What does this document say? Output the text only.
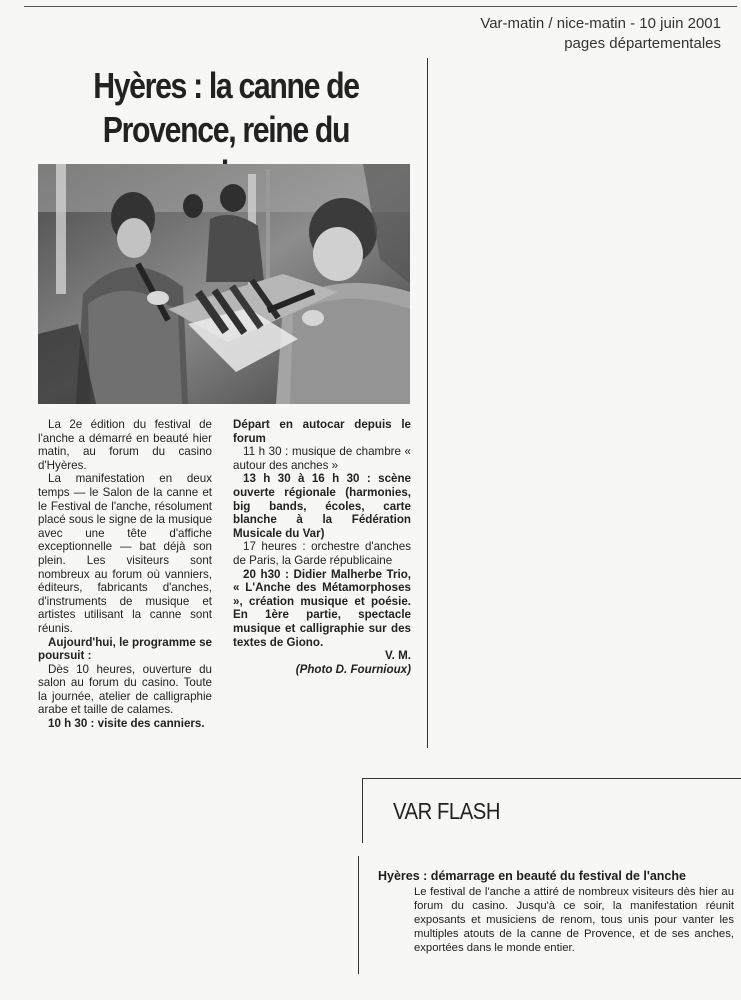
Var-matin / nice-matin - 10 juin 2001
pages départementales
Hyères : la canne de Provence, reine du

La 2e édition du festival de l'anche a démarré en beauté hier matin, au forum du casino d'Hyères.

La manifestation en deux temps — le Salon de la canne et le Festival de l'anche, résolument placé sous le signe de la musique avec une tête d'affiche exceptionnelle — bat déjà son plein. Les visiteurs sont nombreux au forum où vanniers, éditeurs, fabricants d'anches, d'instruments de musique et artistes utilisant la canne sont réunis.

Aujourd'hui, le programme se poursuit :

Dès 10 heures, ouverture du salon au forum du casino. Toute la journée, atelier de calligraphie arabe et taille de calames.

10 h 30 : visite des canniers.

Départ en autocar depuis le forum

11 h 30 : musique de chambre « autour des anches »

13 h 30 à 16 h 30 : scène ouverte régionale (harmonies, big bands, écoles, carte blanche à la Fédération Musicale du Var)

17 heures : orchestre d'anches de Paris, la Garde républicaine

20 h30 : Didier Malherbe Trio, « L'Anche des Métamorphoses », création musique et poésie. En 1ère partie, spectacle musique et calligraphie sur des textes de Giono.

V. M.

(Photo D. Fournioux)

VAR FLASH
Hyères : démarrage en beauté du festival de l'anche
Le festival de l'anche a attiré de nombreux visiteurs dès hier au forum du casino. Jusqu'à ce soir, la manifestation réunit exposants et musiciens de renom, tous unis pour vanter les multiples atouts de la canne de Provence, et de ses anches, exportées dans le monde entier.
